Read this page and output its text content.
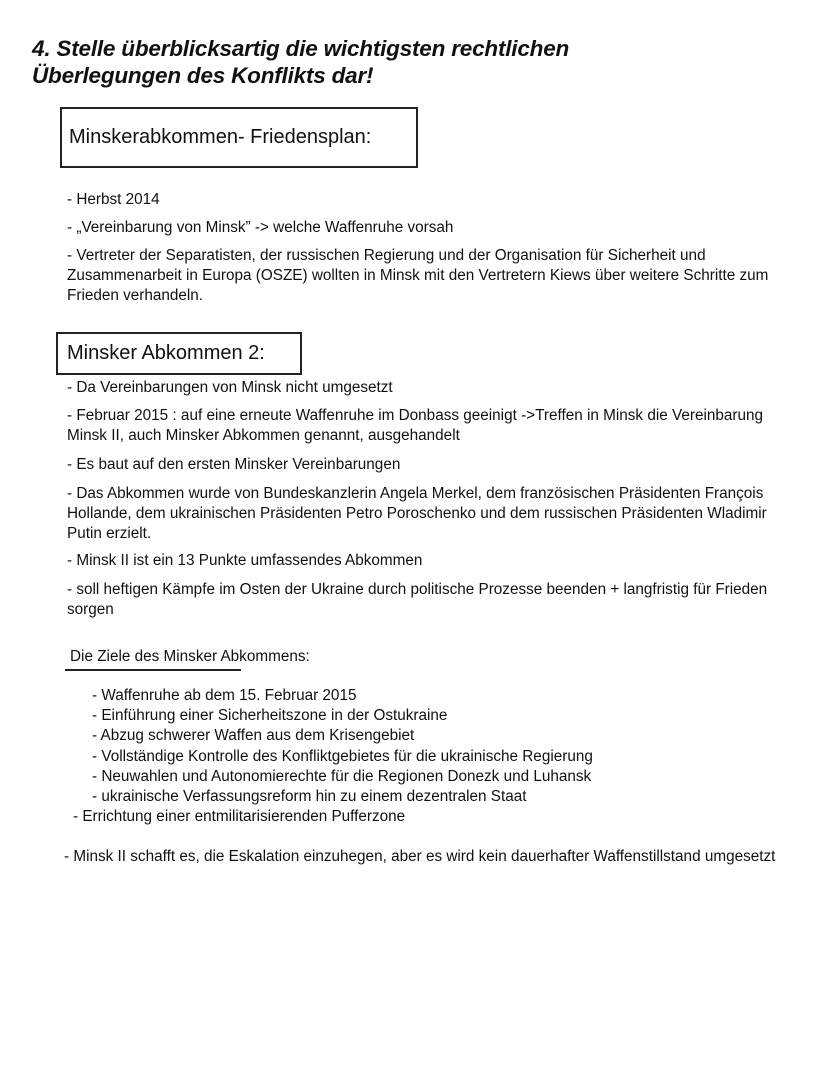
4. Stelle überblicksartig die wichtigsten rechtlichen
Überlegungen des Konflikts dar!
Minskerabkommen- Friedensplan:
- Herbst 2014
- „Vereinbarung von Minsk” -> welche Waffenruhe vorsah
- Vertreter der Separatisten, der russischen Regierung und der Organisation für Sicherheit und Zusammenarbeit in Europa (OSZE) wollten in Minsk mit den Vertretern Kiews über weitere Schritte zum Frieden verhandeln.
Minsker Abkommen 2:
- Da Vereinbarungen von Minsk nicht umgesetzt
- Februar 2015 : auf eine erneute Waffenruhe im Donbass geeinigt ->Treffen in Minsk die Vereinbarung Minsk II, auch Minsker Abkommen genannt, ausgehandelt
- Es baut auf den ersten Minsker Vereinbarungen
- Das Abkommen wurde von Bundeskanzlerin Angela Merkel, dem französischen Präsidenten François Hollande, dem ukrainischen Präsidenten Petro Poroschenko und dem russischen Präsidenten Wladimir Putin erzielt.
- Minsk II ist ein 13 Punkte umfassendes Abkommen
- soll heftigen Kämpfe im Osten der Ukraine durch politische Prozesse beenden + langfristig für Frieden sorgen
Die Ziele des Minsker Abkommens:
- Waffenruhe ab dem 15. Februar 2015
- Einführung einer Sicherheitszone in der Ostukraine
- Abzug schwerer Waffen aus dem Krisengebiet
- Vollständige Kontrolle des Konfliktgebietes für die ukrainische Regierung
- Neuwahlen und Autonomierechte für die Regionen Donezk und Luhansk
- ukrainische Verfassungsreform hin zu einem dezentralen Staat
- Errichtung einer entmilitarisierenden Pufferzone
- Minsk II schafft es, die Eskalation einzuhegen, aber es wird kein dauerhafter Waffenstillstand umgesetzt
